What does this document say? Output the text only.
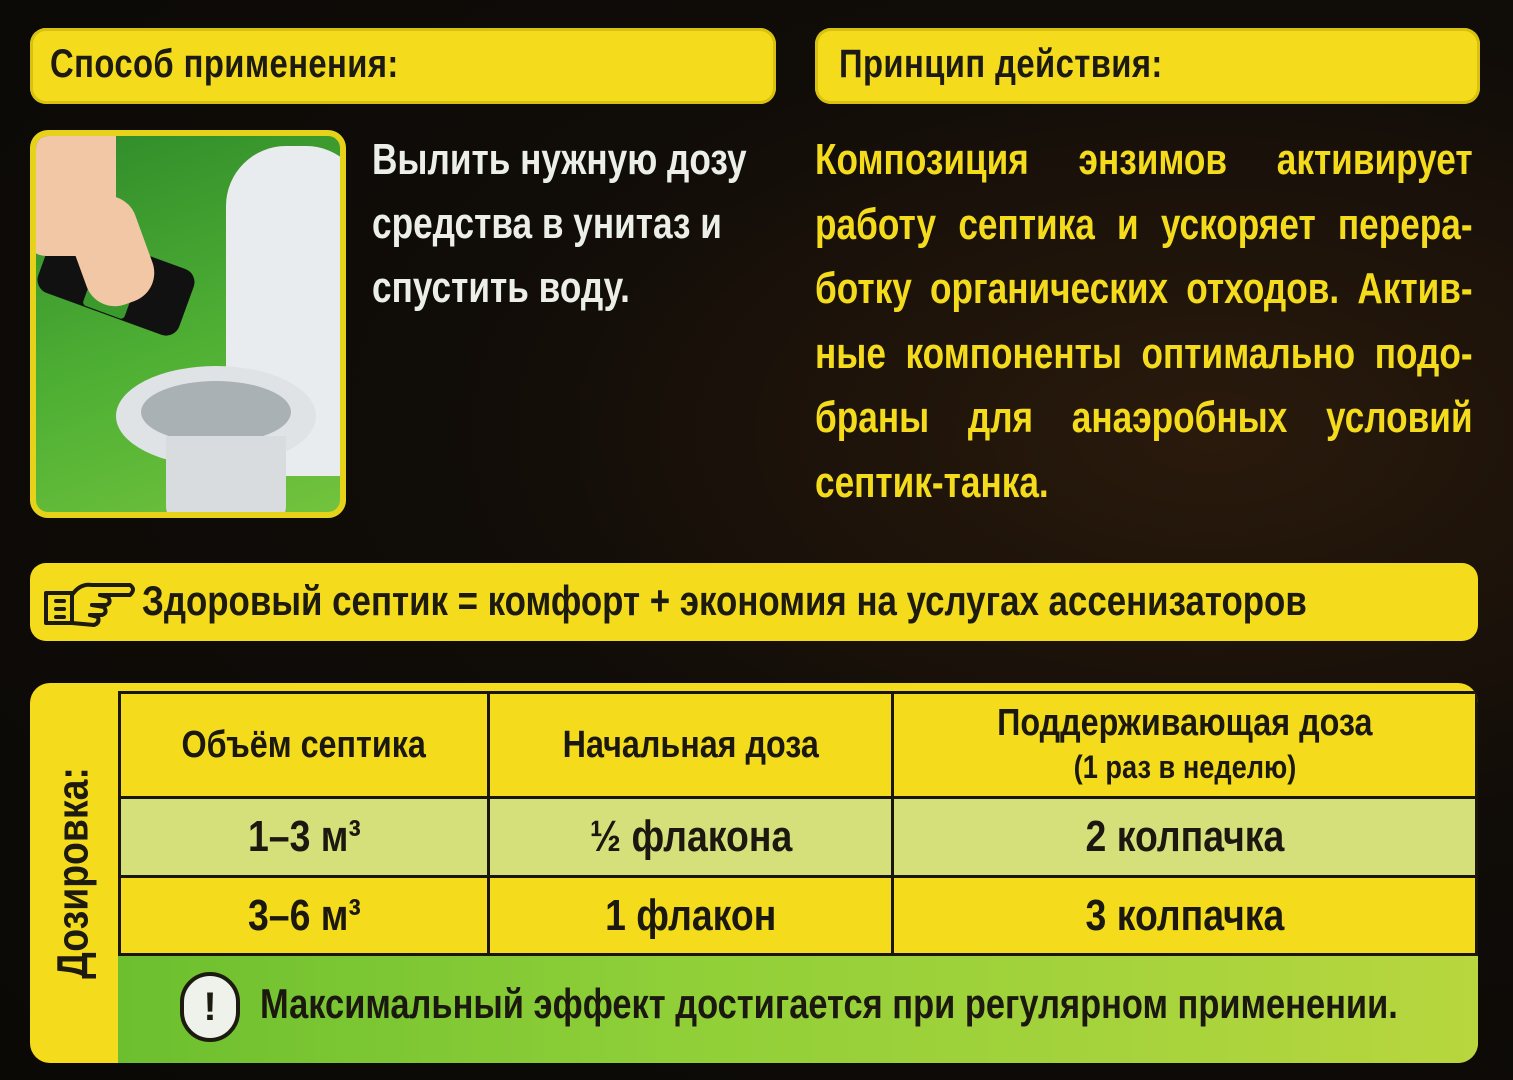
Способ применения:	Принцип действия:
Вылить нужную дозу
средства в унитаз и
спустить воду.
Композиция энзимов активирует
работу септика и ускоряет перера-
ботку органических отходов. Актив-
ные компоненты оптимально подо-
браны для анаэробных условий
септик-танка.
Здоровый септик = комфорт + экономия на услугах ассенизаторов
Дозировка:
Объём септика	Начальная доза	Поддерживающая доза
(1 раз в неделю)

1–3 м³	½ флакона	2 колпачка
3–6 м³	1 флакон	3 колпачка
!	Максимальный эффект достигается при регулярном применении.
